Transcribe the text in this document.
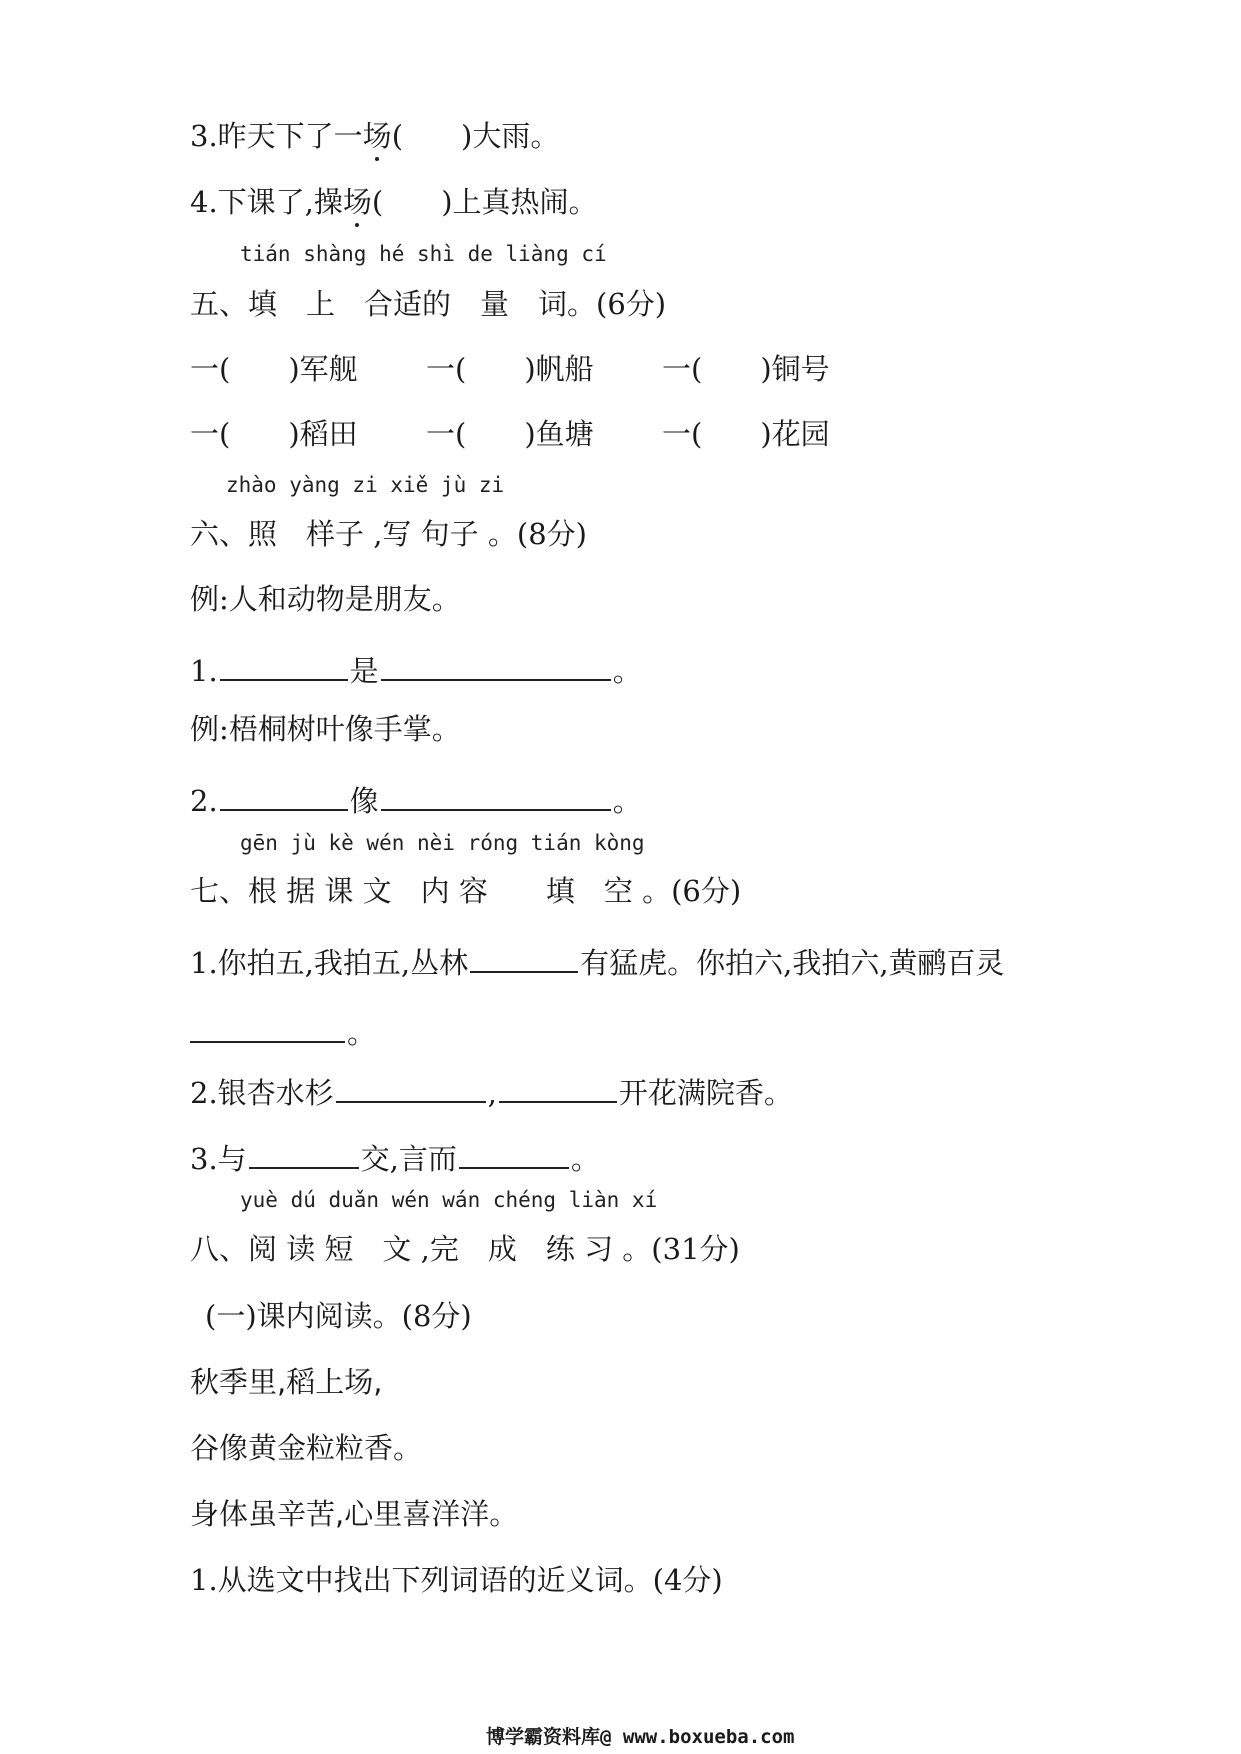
3.昨天下了一场(　　)大雨。
4.下课了,操场(　　)上真热闹。
tián shàng hé shì de liàng cí
五、填　上　合适的　量　词。(6分)
一(　　)军舰	一(　　)帆船	一(　　)铜号
一(　　)稻田	一(　　)鱼塘	一(　　)花园
zhào yàng zi xiě jù zi
六、照　样子 ,写 句子 。(8分)
例:人和动物是朋友。
1.	是	。
例:梧桐树叶像手掌。
2.	像	。
gēn jù kè wén nèi róng tián kòng
七、根 据 课 文　内 容　　填　空 。(6分)
1.你拍五,我拍五,丛林	有猛虎。你拍六,我拍六,黄鹂百灵
。
2.银杏水杉	,	开花满院香。
3.与	交,言而	。
yuè dú duǎn wén wán chéng liàn xí
八、阅 读 短　文 ,完　成　练 习 。(31分)
(一)课内阅读。(8分)
秋季里,稻上场,
谷像黄金粒粒香。
身体虽辛苦,心里喜洋洋。
1.从选文中找出下列词语的近义词。(4分)
博学霸资料库@ www.boxueba.com
